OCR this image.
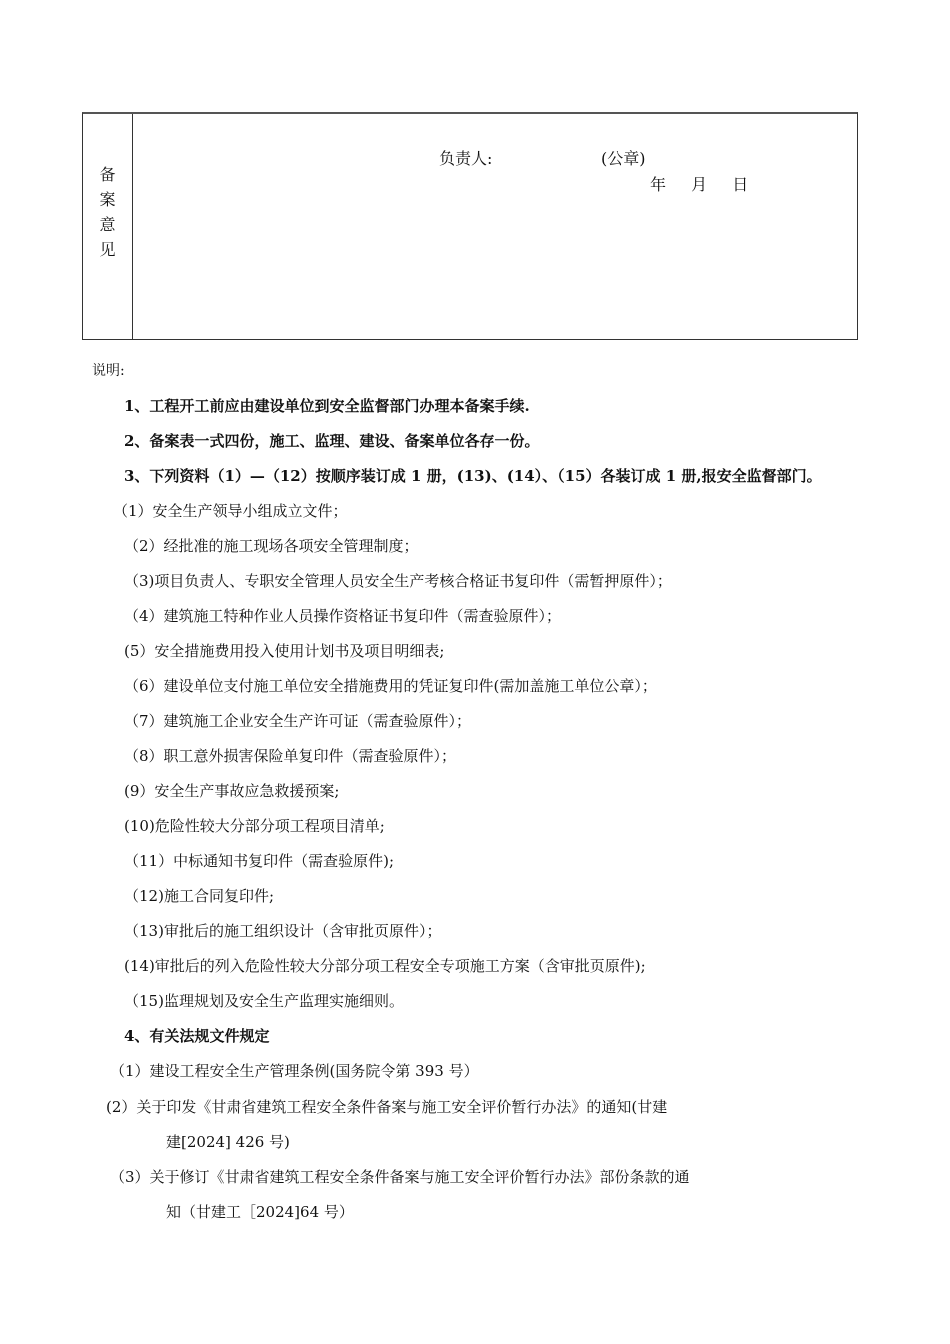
备
案
意
见
负责人:	(公章)
年 月 日
说明:
1、工程开工前应由建设单位到安全监督部门办理本备案手续.
2、备案表一式四份，施工、监理、建设、备案单位各存一份。
3、下列资料（1）—（12）按顺序装订成 1 册，(13)、(14）、（15）各装订成 1 册,报安全监督部门。
（1）安全生产领导小组成立文件；
（2）经批准的施工现场各项安全管理制度；
（3)项目负责人、专职安全管理人员安全生产考核合格证书复印件（需暂押原件）；
（4）建筑施工特种作业人员操作资格证书复印件（需查验原件）；
(5）安全措施费用投入使用计划书及项目明细表;
（6）建设单位支付施工单位安全措施费用的凭证复印件(需加盖施工单位公章）；
（7）建筑施工企业安全生产许可证（需查验原件）；
（8）职工意外损害保险单复印件（需查验原件）；
(9）安全生产事故应急救援预案;
(10)危险性较大分部分项工程项目清单;
（11）中标通知书复印件（需查验原件);
（12)施工合同复印件;
（13)审批后的施工组织设计（含审批页原件）；
(14)审批后的列入危险性较大分部分项工程安全专项施工方案（含审批页原件);
（15)监理规划及安全生产监理实施细则。
4、有关法规文件规定
（1）建设工程安全生产管理条例(国务院令第 393 号）
(2）关于印发《甘肃省建筑工程安全条件备案与施工安全评价暂行办法》的通知(甘建
建[2024] 426 号)
（3）关于修订《甘肃省建筑工程安全条件备案与施工安全评价暂行办法》部份条款的通
知（甘建工［2024]64 号）
